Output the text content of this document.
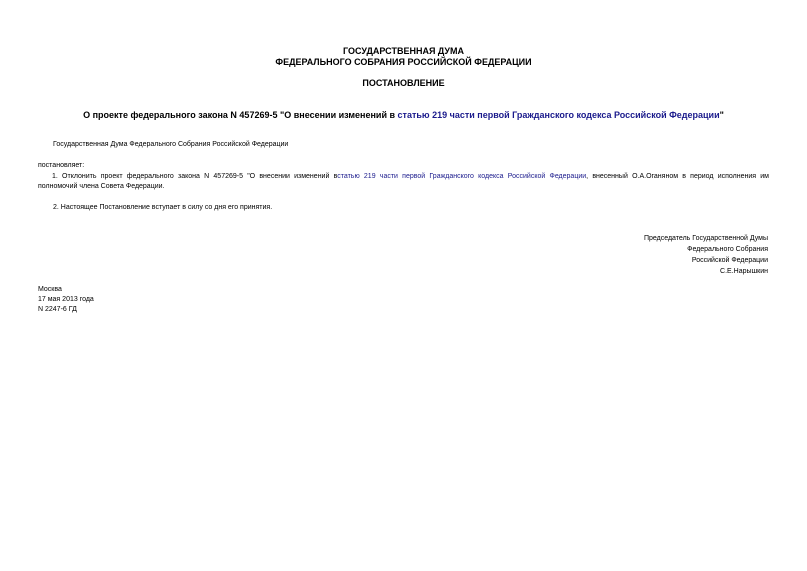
ГОСУДАРСТВЕННАЯ ДУМА
ФЕДЕРАЛЬНОГО СОБРАНИЯ РОССИЙСКОЙ ФЕДЕРАЦИИ
ПОСТАНОВЛЕНИЕ
О проекте федерального закона N 457269-5 "О внесении изменений в статью 219 части первой Гражданского кодекса Российской Федерации"
Государственная Дума Федерального Собрания Российской Федерации
постановляет:
1. Отклонить проект федерального закона N 457269-5 "О внесении изменений встатью 219 части первой Гражданского кодекса Российской Федерации, внесенный О.А.Оганяном в период исполнения им
полномочий члена Совета Федерации.
2. Настоящее Постановление вступает в силу со дня его принятия.
Председатель Государственной Думы
Федерального Собрания
Российской Федерации
С.Е.Нарышкин
Москва
17 мая 2013 года
N 2247-6 ГД
